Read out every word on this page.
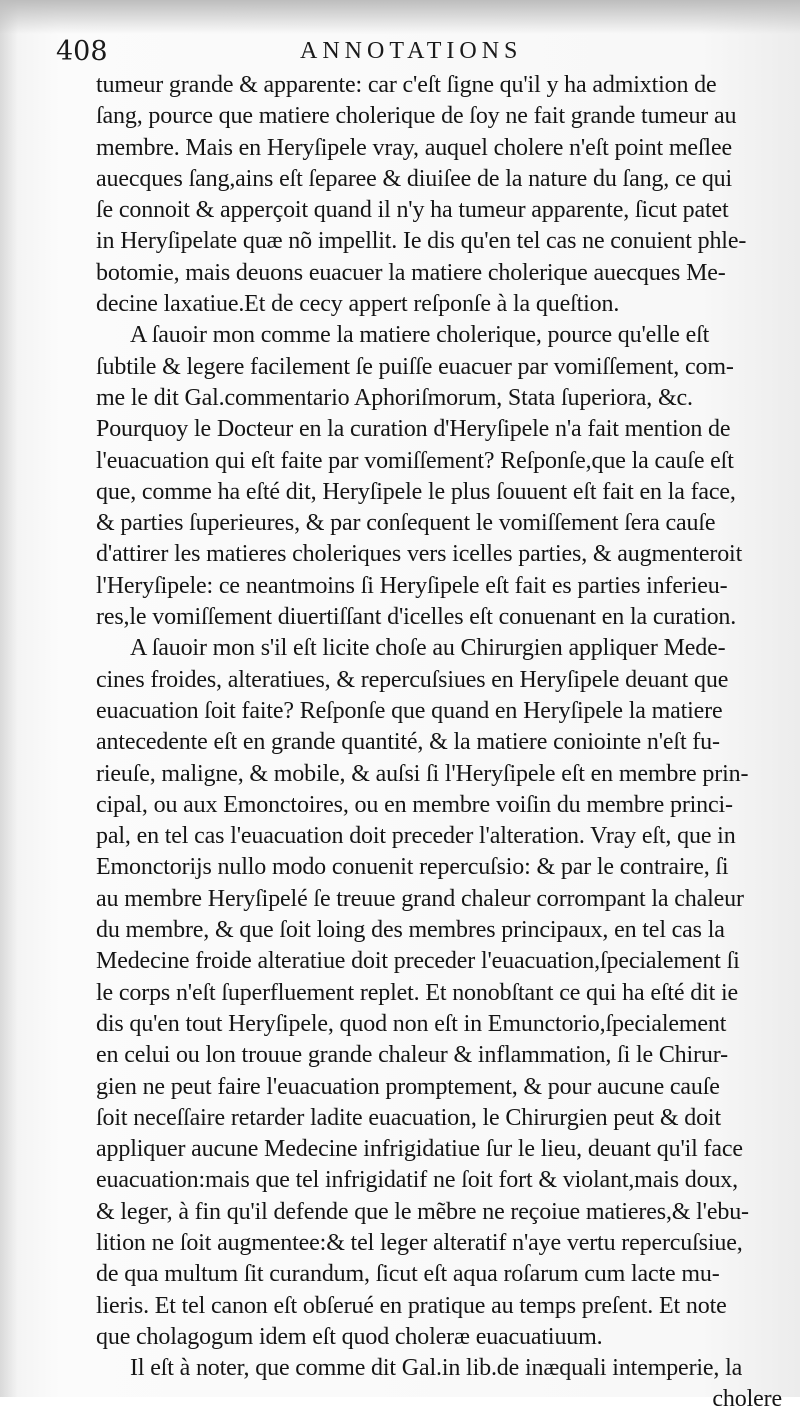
408	ANNOTATIONS
tumeur grande & apparente: car c'eſt ſigne qu'il y ha admixtion de
ſang, pource que matiere cholerique de ſoy ne fait grande tumeur au
membre. Mais en Heryſipele vray, auquel cholere n'eſt point meſlee
auecques ſang,ains eſt ſeparee & diuiſee de la nature du ſang, ce qui
ſe connoit & apperçoit quand il n'y ha tumeur apparente, ſicut patet
in Heryſipelate quæ nõ impellit. Ie dis qu'en tel cas ne conuient phle-
botomie, mais deuons euacuer la matiere cholerique auecques Me-
decine laxatiue.Et de cecy appert reſponſe à la queſtion.
A ſauoir mon comme la matiere cholerique, pource qu'elle eſt
ſubtile & legere facilement ſe puiſſe euacuer par vomiſſement, com-
me le dit Gal.commentario Aphoriſmorum, Stata ſuperiora, &c.
Pourquoy le Docteur en la curation d'Heryſipele n'a fait mention de
l'euacuation qui eſt faite par vomiſſement? Reſponſe,que la cauſe eſt
que, comme ha eſté dit, Heryſipele le plus ſouuent eſt fait en la face,
& parties ſuperieures, & par conſequent le vomiſſement ſera cauſe
d'attirer les matieres choleriques vers icelles parties, & augmenteroit
l'Heryſipele: ce neantmoins ſi Heryſipele eſt fait es parties inferieu-
res,le vomiſſement diuertiſſant d'icelles eſt conuenant en la curation.
A ſauoir mon s'il eſt licite choſe au Chirurgien appliquer Mede-
cines froides, alteratiues, & repercuſsiues en Heryſipele deuant que
euacuation ſoit faite? Reſponſe que quand en Heryſipele la matiere
antecedente eſt en grande quantité, & la matiere coniointe n'eſt fu-
rieuſe, maligne, & mobile, & auſsi ſi l'Heryſipele eſt en membre prin-
cipal, ou aux Emonctoires, ou en membre voiſin du membre princi-
pal, en tel cas l'euacuation doit preceder l'alteration. Vray eſt, que in
Emonctorijs nullo modo conuenit repercuſsio: & par le contraire, ſi
au membre Heryſipelé ſe treuue grand chaleur corrompant la chaleur
du membre, & que ſoit loing des membres principaux, en tel cas la
Medecine froide alteratiue doit preceder l'euacuation,ſpecialement ſi
le corps n'eſt ſuperfluement replet. Et nonobſtant ce qui ha eſté dit ie
dis qu'en tout Heryſipele, quod non eſt in Emunctorio,ſpecialement
en celui ou lon trouue grande chaleur & inflammation, ſi le Chirur-
gien ne peut faire l'euacuation promptement, & pour aucune cauſe
ſoit neceſſaire retarder ladite euacuation, le Chirurgien peut & doit
appliquer aucune Medecine infrigidatiue ſur le lieu, deuant qu'il face
euacuation:mais que tel infrigidatif ne ſoit fort & violant,mais doux,
& leger, à fin qu'il defende que le mẽbre ne reçoiue matieres,& l'ebu-
lition ne ſoit augmentee:& tel leger alteratif n'aye vertu repercuſsiue,
de qua multum ſit curandum, ſicut eſt aqua roſarum cum lacte mu-
lieris. Et tel canon eſt obſerué en pratique au temps preſent. Et note
que cholagogum idem eſt quod choleræ euacuatiuum.
Il eſt à noter, que comme dit Gal.in lib.de inæquali intemperie, la
cholere
